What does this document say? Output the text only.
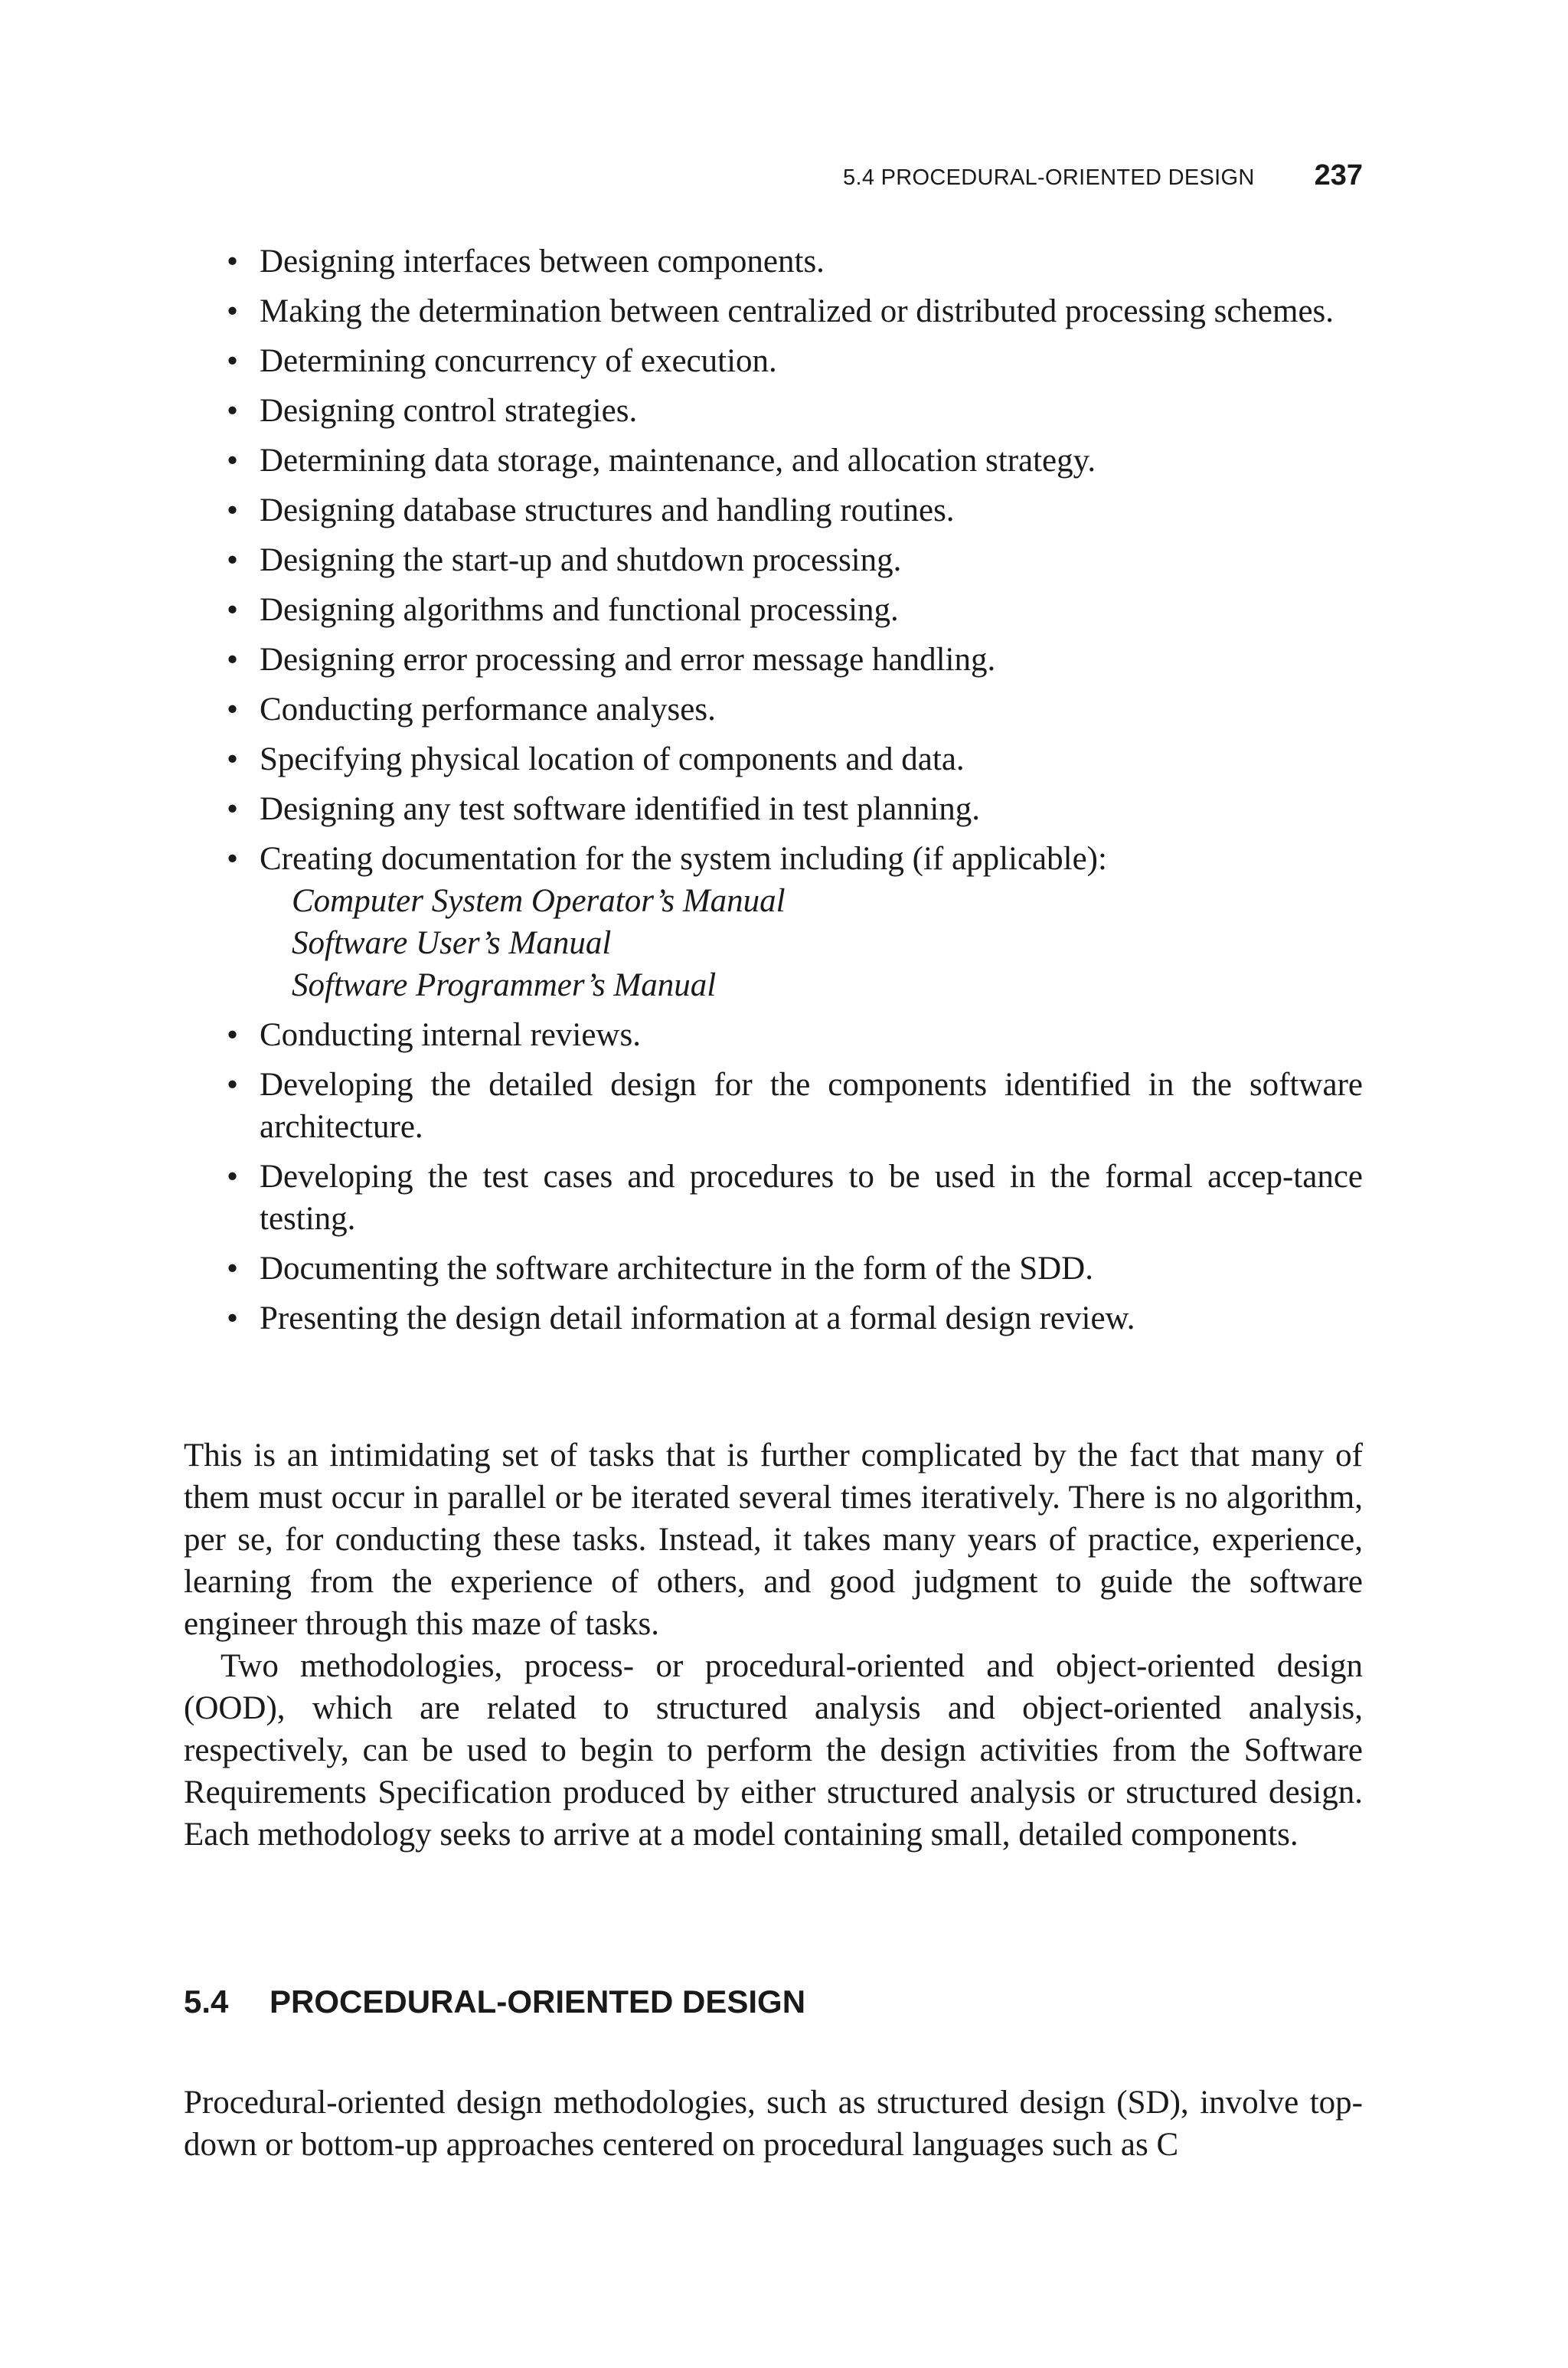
5.4 PROCEDURAL-ORIENTED DESIGN 237
• Designing interfaces between components.
• Making the determination between centralized or distributed processing schemes.
• Determining concurrency of execution.
• Designing control strategies.
• Determining data storage, maintenance, and allocation strategy.
• Designing database structures and handling routines.
• Designing the start-up and shutdown processing.
• Designing algorithms and functional processing.
• Designing error processing and error message handling.
• Conducting performance analyses.
• Specifying physical location of components and data.
• Designing any test software identified in test planning.
• Creating documentation for the system including (if applicable):
Computer System Operator’s Manual
Software User’s Manual
Software Programmer’s Manual
• Conducting internal reviews.
• Developing the detailed design for the components identified in the software architecture.
• Developing the test cases and procedures to be used in the formal accep-tance testing.
• Documenting the software architecture in the form of the SDD.
• Presenting the design detail information at a formal design review.

This is an intimidating set of tasks that is further complicated by the fact that many of them must occur in parallel or be iterated several times iteratively. There is no algorithm, per se, for conducting these tasks. Instead, it takes many years of practice, experience, learning from the experience of others, and good judgment to guide the software engineer through this maze of tasks.

Two methodologies, process- or procedural-oriented and object-oriented design (OOD), which are related to structured analysis and object-oriented analysis, respectively, can be used to begin to perform the design activities from the Software Requirements Specification produced by either structured analysis or structured design. Each methodology seeks to arrive at a model containing small, detailed components.

5.4 PROCEDURAL-ORIENTED DESIGN

Procedural-oriented design methodologies, such as structured design (SD), involve top-down or bottom-up approaches centered on procedural languages such as C
